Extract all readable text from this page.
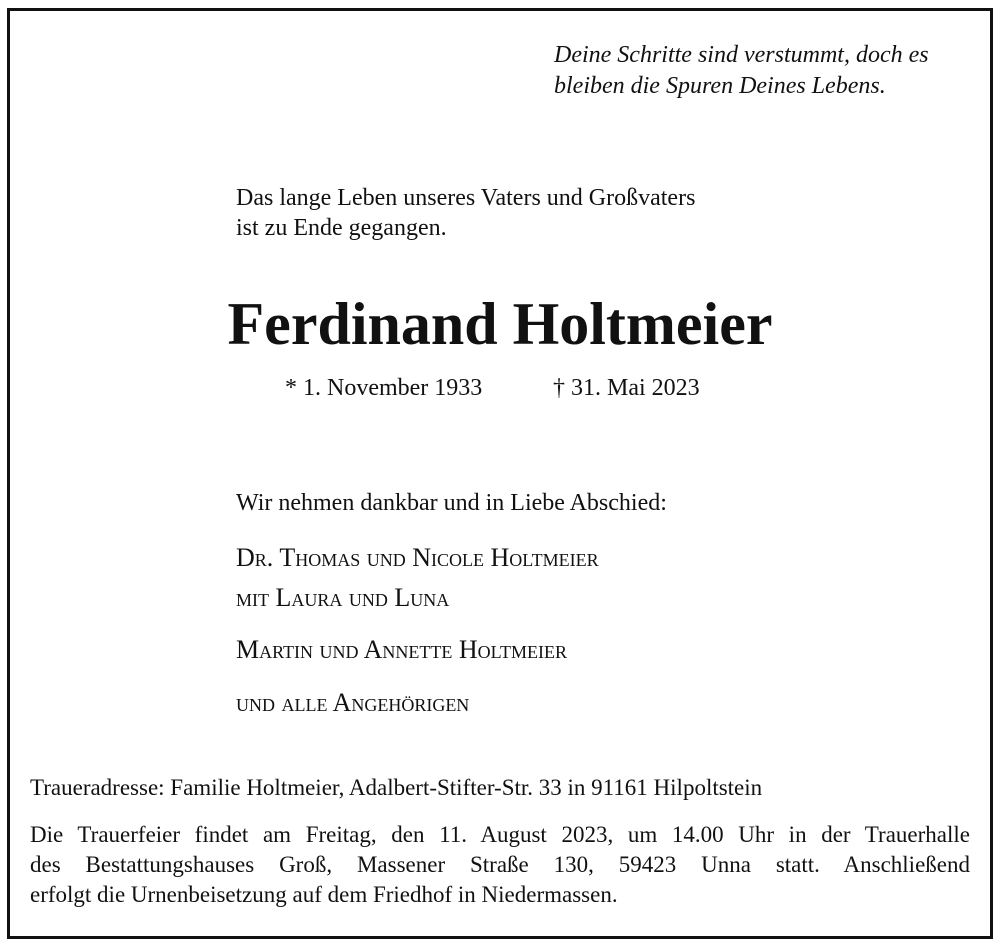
Deine Schritte sind verstummt, doch es
bleiben die Spuren Deines Lebens.
Das lange Leben unseres Vaters und Großvaters
ist zu Ende gegangen.
Ferdinand Holtmeier
* 1. November 1933	† 31. Mai 2023
Wir nehmen dankbar und in Liebe Abschied:
Dr. Thomas und Nicole Holtmeier
mit Laura und Luna
Martin und Annette Holtmeier
und alle Angehörigen
Traueradresse: Familie Holtmeier, Adalbert-Stifter-Str. 33 in 91161 Hilpoltstein
Die Trauerfeier findet am Freitag, den 11. August 2023, um 14.00 Uhr in der Trauerhalle
des Bestattungshauses Groß, Massener Straße 130, 59423 Unna statt. Anschließend
erfolgt die Urnenbeisetzung auf dem Friedhof in Niedermassen.
